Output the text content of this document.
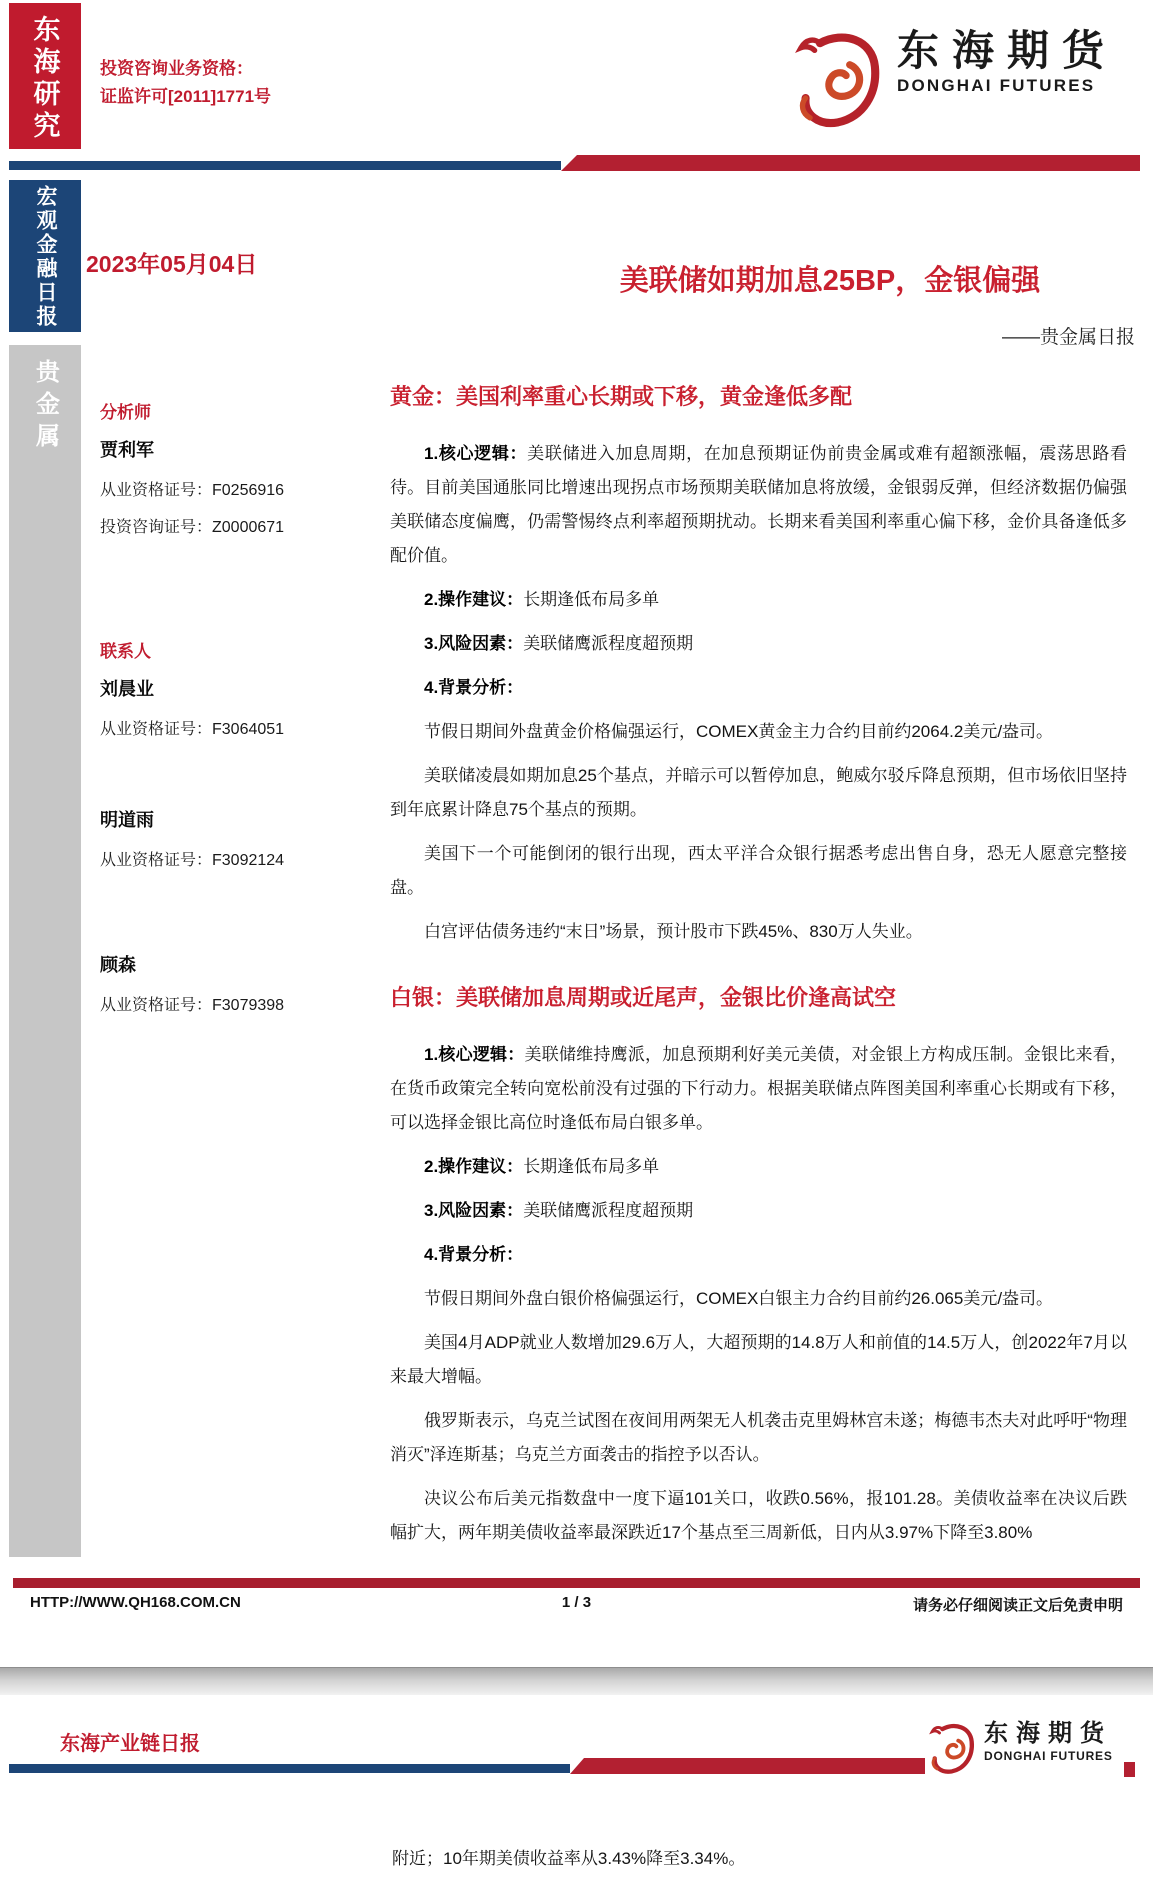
东海研究
宏观金融日报
贵金属
投资咨询业务资格：
证监许可[2011]1771号
东海期货
DONGHAI FUTURES
2023年05月04日
美联储如期加息25BP，金银偏强
——贵金属日报
分析师
贾利军
从业资格证号：F0256916
投资咨询证号：Z0000671
联系人
刘晨业
从业资格证号：F3064051
明道雨
从业资格证号：F3092124
顾森
从业资格证号：F3079398
黄金：美国利率重心长期或下移，黄金逢低多配

1.核心逻辑：美联储进入加息周期，在加息预期证伪前贵金属或难有超额涨幅，震荡思路看待。目前美国通胀同比增速出现拐点市场预期美联储加息将放缓，金银弱反弹，但经济数据仍偏强美联储态度偏鹰，仍需警惕终点利率超预期扰动。长期来看美国利率重心偏下移，金价具备逢低多配价值。

2.操作建议：长期逢低布局多单

3.风险因素：美联储鹰派程度超预期

4.背景分析：

节假日期间外盘黄金价格偏强运行，COMEX黄金主力合约目前约2064.2美元/盎司。

美联储凌晨如期加息25个基点，并暗示可以暂停加息，鲍威尔驳斥降息预期，但市场依旧坚持到年底累计降息75个基点的预期。

美国下一个可能倒闭的银行出现，西太平洋合众银行据悉考虑出售自身，恐无人愿意完整接盘。

白宫评估债务违约“末日”场景，预计股市下跌45%、830万人失业。

白银：美联储加息周期或近尾声，金银比价逢高试空

1.核心逻辑：美联储维持鹰派，加息预期利好美元美债，对金银上方构成压制。金银比来看，在货币政策完全转向宽松前没有过强的下行动力。根据美联储点阵图美国利率重心长期或有下移，可以选择金银比高位时逢低布局白银多单。

2.操作建议：长期逢低布局多单

3.风险因素：美联储鹰派程度超预期

4.背景分析：

节假日期间外盘白银价格偏强运行，COMEX白银主力合约目前约26.065美元/盎司。

美国4月ADP就业人数增加29.6万人，大超预期的14.8万人和前值的14.5万人，创2022年7月以来最大增幅。

俄罗斯表示，乌克兰试图在夜间用两架无人机袭击克里姆林宫未遂；梅德韦杰夫对此呼吁“物理消灭”泽连斯基；乌克兰方面袭击的指控予以否认。

决议公布后美元指数盘中一度下逼101关口，收跌0.56%，报101.28。美债收益率在决议后跌幅扩大，两年期美债收益率最深跌近17个基点至三周新低，日内从3.97%下降至3.80%

HTTP://WWW.QH168.COM.CN	1 / 3	请务必仔细阅读正文后免责申明
东海产业链日报	东海期货
DONGHAI FUTURES
附近；10年期美债收益率从3.43%降至3.34%。
